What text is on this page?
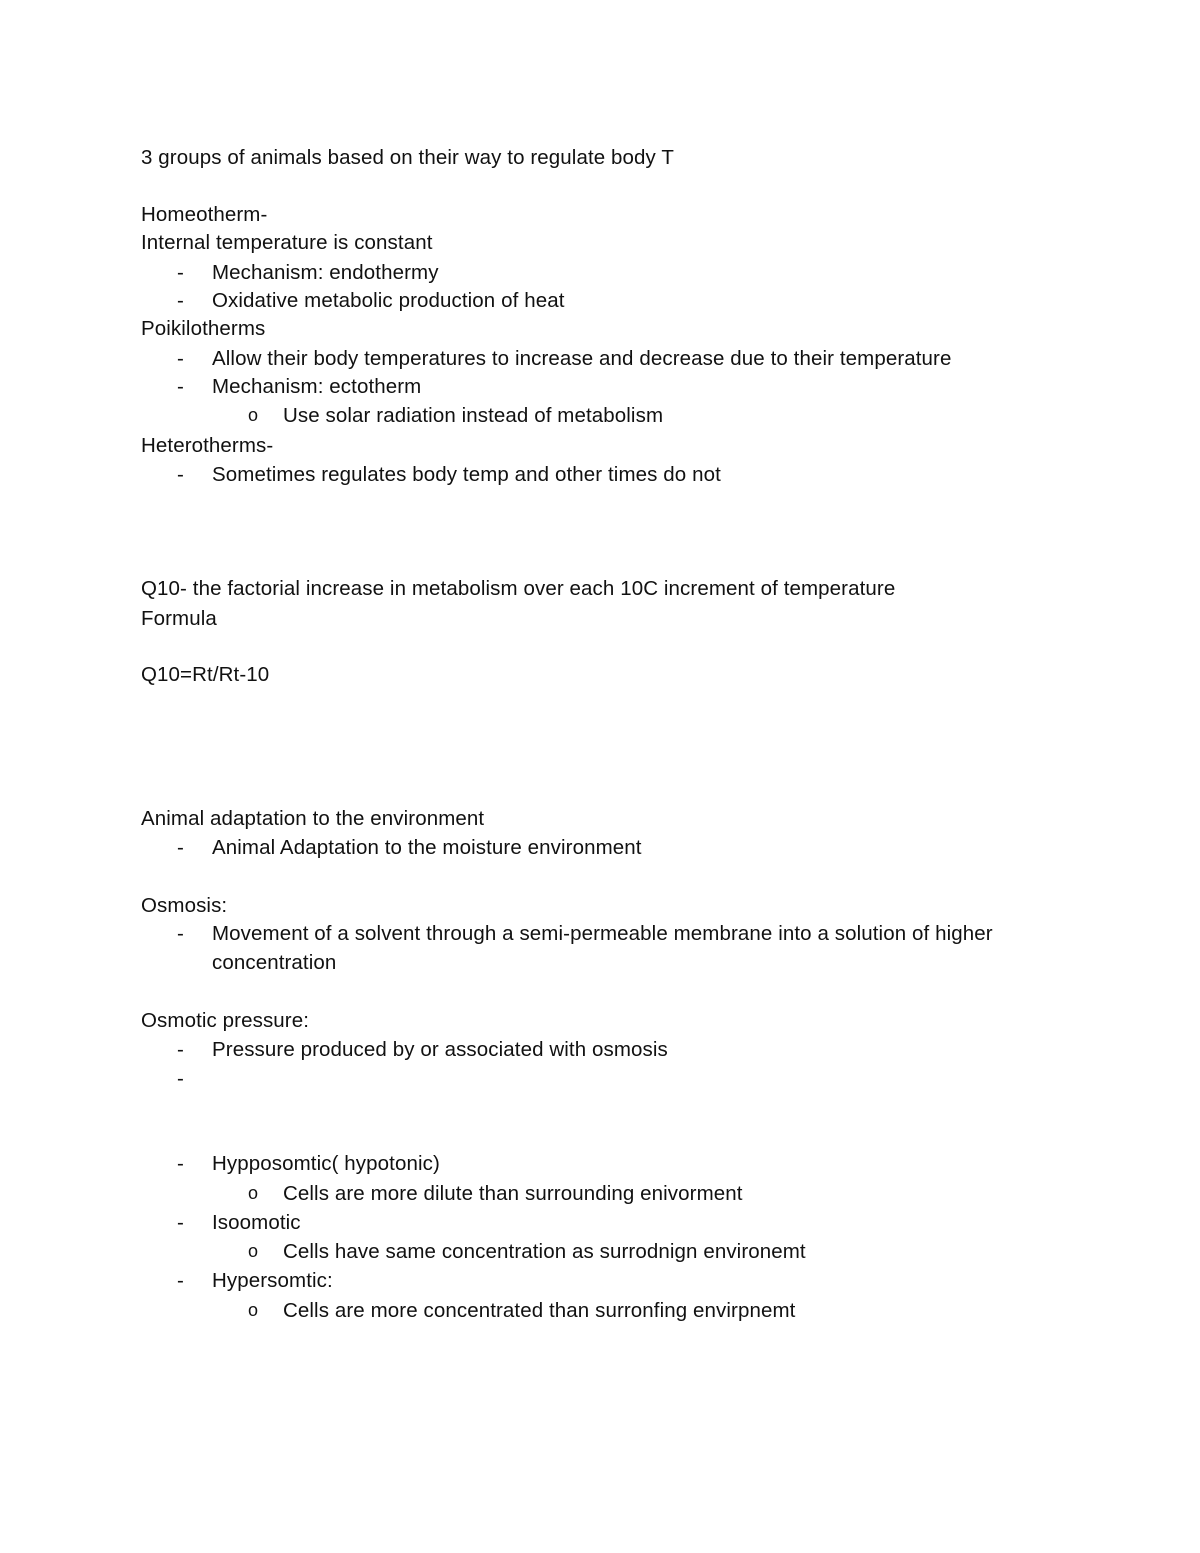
3 groups of animals based on their way to regulate body T
Homeotherm-
Internal temperature is constant
- Mechanism: endothermy
- Oxidative metabolic production of heat
Poikilotherms
- Allow their body temperatures to increase and decrease due to their temperature
- Mechanism: ectotherm
o Use solar radiation instead of metabolism
Heterotherms-
- Sometimes regulates body temp and other times do not
Q10- the factorial increase in metabolism over each 10C increment of temperature
Formula
Q10=Rt/Rt-10
Animal adaptation to the environment
- Animal Adaptation to the moisture environment
Osmosis:
- Movement of a solvent through a semi-permeable membrane into a solution of higher
concentration
Osmotic pressure:
- Pressure produced by or associated with osmosis
-
- Hypposomtic( hypotonic)
o Cells are more dilute than surrounding enivorment
- Isoomotic
o Cells have same concentration as surrodnign environemt
- Hypersomtic:
o Cells are more concentrated than surronfing envirpnemt
